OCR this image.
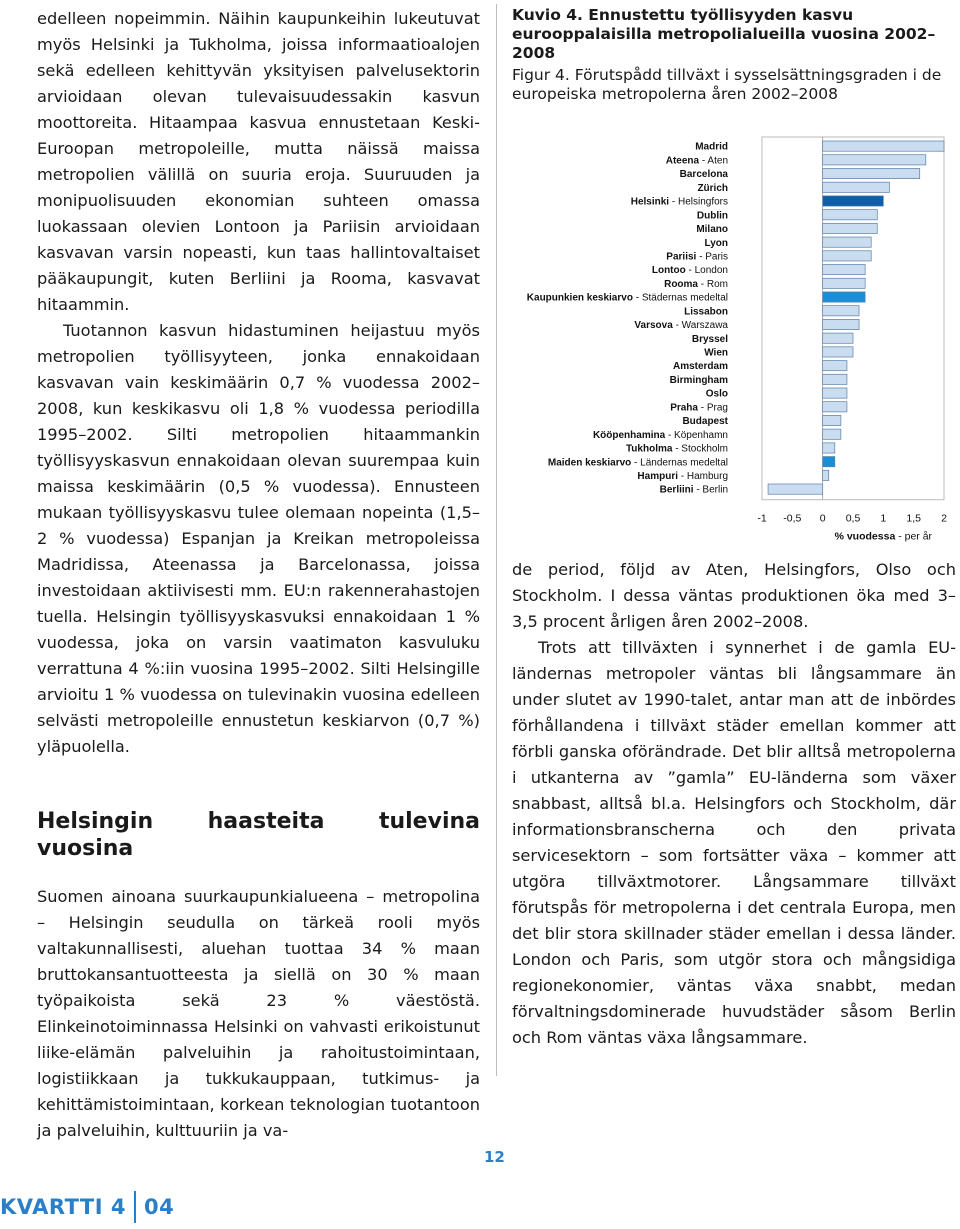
edelleen nopeimmin. Näihin kaupunkeihin lukeutuvat myös Helsinki ja Tukholma, joissa informaatioalojen sekä edelleen kehittyvän yksityisen palvelusektorin arvioidaan olevan tulevaisuudessakin kasvun moottoreita. Hitaampaa kasvua ennustetaan Keski-Euroopan metropoleille, mutta näissä maissa metropolien välillä on suuria eroja. Suuruuden ja monipuolisuuden ekonomian suhteen omassa luokassaan olevien Lontoon ja Pariisin arvioidaan kasvavan varsin nopeasti, kun taas hallintovaltaiset pääkaupungit, kuten Berliini ja Rooma, kasvavat hitaammin.

Tuotannon kasvun hidastuminen heijastuu myös metropolien työllisyyteen, jonka ennakoidaan kasvavan vain keskimäärin 0,7 % vuodessa 2002–2008, kun keskikasvu oli 1,8 % vuodessa periodilla 1995–2002. Silti metropolien hitaammankin työllisyyskasvun ennakoidaan olevan suurempaa kuin maissa keskimäärin (0,5 % vuodessa). Ennusteen mukaan työllisyyskasvu tulee olemaan nopeinta (1,5–2 % vuodessa) Espanjan ja Kreikan metropoleissa Madridissa, Ateenassa ja Barcelonassa, joissa investoidaan aktiivisesti mm. EU:n rakennerahastojen tuella. Helsingin työllisyyskasvuksi ennakoidaan 1 % vuodessa, joka on varsin vaatimaton kasvuluku verrattuna 4 %:iin vuosina 1995–2002. Silti Helsingille arvioitu 1 % vuodessa on tulevinakin vuosina edelleen selvästi metropoleille ennustetun keskiarvon (0,7 %) yläpuolella.

Helsingin haasteita tulevina vuosina

Suomen ainoana suurkaupunkialueena – metropolina – Helsingin seudulla on tärkeä rooli myös valtakunnallisesti, aluehan tuottaa 34 % maan bruttokansantuotteesta ja siellä on 30 % maan työpaikoista sekä 23 % väestöstä. Elinkeinotoiminnassa Helsinki on vahvasti erikoistunut liike-elämän palveluihin ja rahoitustoimintaan, logistiikkaan ja tukkukauppaan, tutkimus- ja kehittämistoimintaan, korkean teknologian tuotantoon ja palveluihin, kulttuuriin ja va-

Kuvio 4. Ennustettu työllisyyden kasvu eurooppalaisilla metropolialueilla vuosina 2002–2008

Figur 4. Förutspådd tillväxt i sysselsättningsgraden i de europeiska metropolerna åren 2002–2008

Madrid
Ateena - Aten
Barcelona
Zürich
Helsinki - Helsingfors
Dublin
Milano
Lyon
Pariisi - Paris
Lontoo - London
Rooma - Rom
Kaupunkien keskiarvo - Städernas medeltal
Lissabon
Varsova - Warszawa
Bryssel
Wien
Amsterdam
Birmingham
Oslo
Praha - Prag
Budapest
Kööpenhamina - Köpenhamn
Tukholma - Stockholm
Maiden keskiarvo - Ländernas medeltal
Hampuri - Hamburg
Berliini - Berlin
-1 -0,5 0 0,5 1 1,5 2
% vuodessa - per år

de period, följd av Aten, Helsingfors, Olso och Stockholm. I dessa väntas produktionen öka med 3–3,5 procent årligen åren 2002–2008.

Trots att tillväxten i synnerhet i de gamla EU-ländernas metropoler väntas bli långsammare än under slutet av 1990-talet, antar man att de inbördes förhållandena i tillväxt städer emellan kommer att förbli ganska oförändrade. Det blir alltså metropolerna i utkanterna av ”gamla” EU-länderna som växer snabbast, alltså bl.a. Helsingfors och Stockholm, där informationsbranscherna och den privata servicesektorn – som fortsätter växa – kommer att utgöra tillväxtmotorer. Långsammare tillväxt förutspås för metropolerna i det centrala Europa, men det blir stora skillnader städer emellan i dessa länder. London och Paris, som utgör stora och mångsidiga regionekonomier, väntas växa snabbt, medan förvaltningsdominerade huvudstäder såsom Berlin och Rom väntas växa långsammare.

12
KVARTTI 4 04
